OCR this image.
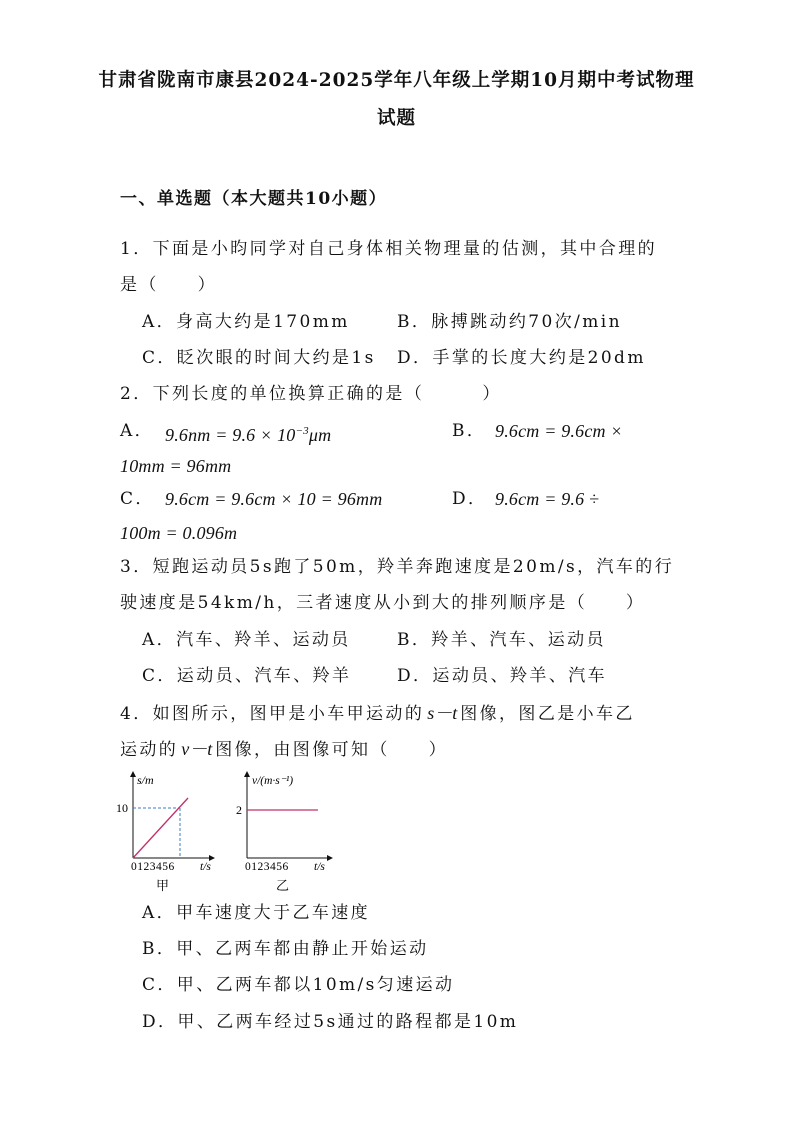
甘肃省陇南市康县2024-2025学年八年级上学期10月期中考试物理
试题
一、单选题（本大题共10小题）
1．下面是小昀同学对自己身体相关物理量的估测，其中合理的
是（　　）
A．身高大约是170mm	B．脉搏跳动约70次/min
C．眨次眼的时间大约是1s D．手掌的长度大约是20dm
2．下列长度的单位换算正确的是（　　　）
A． $9.6nm = 9.6 \times 10^{-3}\mu m$	B． 9.6cm = 9.6cm ×
10mm = 96mm
C． 9.6cm = 9.6cm × 10 = 96mm	D． 9.6cm = 9.6 ÷
100m = 0.096m
3．短跑运动员5s跑了50m，羚羊奔跑速度是20m/s，汽车的行
驶速度是54km/h，三者速度从小到大的排列顺序是（　　）
A．汽车、羚羊、运动员	B．羚羊、汽车、运动员
C．运动员、汽车、羚羊	D．运动员、羚羊、汽车
4．如图所示，图甲是小车甲运动的 s－t 图像，图乙是小车乙
运动的 v－t 图像，由图像可知（　　）
s/m
10
0123456 t/s
甲
v/(m·s⁻¹)
2
0123456 t/s
乙
A．甲车速度大于乙车速度
B．甲、乙两车都由静止开始运动
C．甲、乙两车都以10m/s匀速运动
D．甲、乙两车经过5s通过的路程都是10m
